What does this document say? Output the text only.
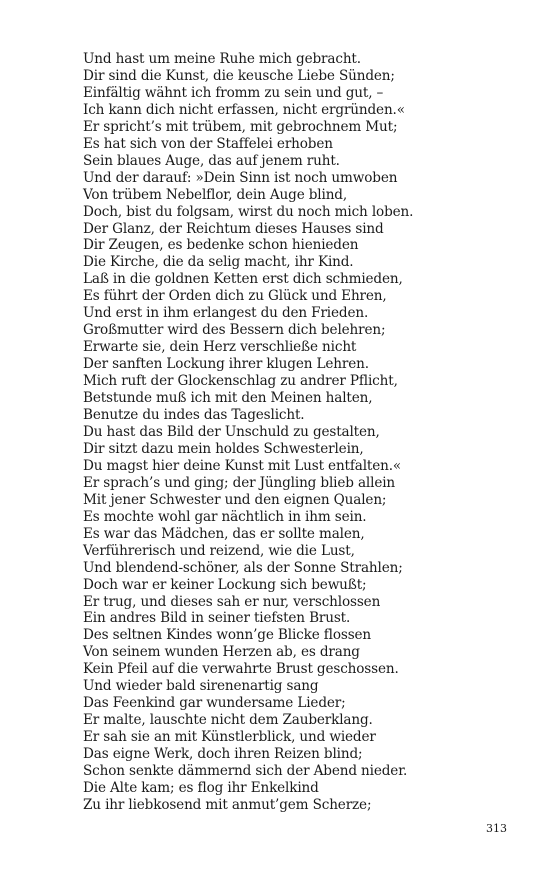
Und hast um meine Ruhe mich gebracht.
Dir sind die Kunst, die keusche Liebe Sünden;
Einfältig wähnt ich fromm zu sein und gut, –
Ich kann dich nicht erfassen, nicht ergründen.«
Er spricht’s mit trübem, mit gebrochnem Mut;
Es hat sich von der Staffelei erhoben
Sein blaues Auge, das auf jenem ruht.
Und der darauf: »Dein Sinn ist noch umwoben
Von trübem Nebelflor, dein Auge blind,
Doch, bist du folgsam, wirst du noch mich loben.
Der Glanz, der Reichtum dieses Hauses sind
Dir Zeugen, es bedenke schon hienieden
Die Kirche, die da selig macht, ihr Kind.
Laß in die goldnen Ketten erst dich schmieden,
Es führt der Orden dich zu Glück und Ehren,
Und erst in ihm erlangest du den Frieden.
Großmutter wird des Bessern dich belehren;
Erwarte sie, dein Herz verschließe nicht
Der sanften Lockung ihrer klugen Lehren.
Mich ruft der Glockenschlag zu andrer Pflicht,
Betstunde muß ich mit den Meinen halten,
Benutze du indes das Tageslicht.
Du hast das Bild der Unschuld zu gestalten,
Dir sitzt dazu mein holdes Schwesterlein,
Du magst hier deine Kunst mit Lust entfalten.«
Er sprach’s und ging; der Jüngling blieb allein
Mit jener Schwester und den eignen Qualen;
Es mochte wohl gar nächtlich in ihm sein.
Es war das Mädchen, das er sollte malen,
Verführerisch und reizend, wie die Lust,
Und blendend-schöner, als der Sonne Strahlen;
Doch war er keiner Lockung sich bewußt;
Er trug, und dieses sah er nur, verschlossen
Ein andres Bild in seiner tiefsten Brust.
Des seltnen Kindes wonn’ge Blicke flossen
Von seinem wunden Herzen ab, es drang
Kein Pfeil auf die verwahrte Brust geschossen.
Und wieder bald sirenenartig sang
Das Feenkind gar wundersame Lieder;
Er malte, lauschte nicht dem Zauberklang.
Er sah sie an mit Künstlerblick, und wieder
Das eigne Werk, doch ihren Reizen blind;
Schon senkte dämmernd sich der Abend nieder.
Die Alte kam; es flog ihr Enkelkind
Zu ihr liebkosend mit anmut’gem Scherze;
313
